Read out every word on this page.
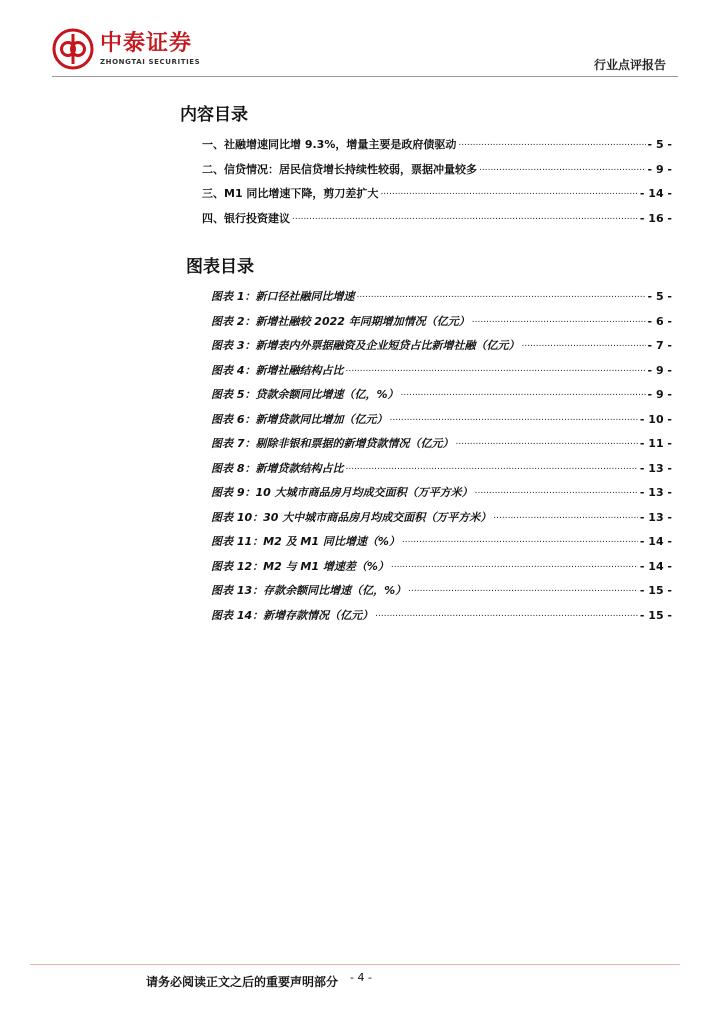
中泰证券
ZHONGTAI SECURITIES	行业点评报告
内容目录
一、社融增速同比增 9.3%，增量主要是政府债驱动 .....	- 5 -
二、信贷情况：居民信贷增长持续性较弱，票据冲量较多 .....	- 9 -
三、M1 同比增速下降，剪刀差扩大 .....	- 14 -
四、银行投资建议 .....	- 16 -
图表目录
图表 1：新口径社融同比增速 .....	- 5 -
图表 2：新增社融较 2022 年同期增加情况（亿元） .....	- 6 -
图表 3：新增表内外票据融资及企业短贷占比新增社融（亿元） .....	- 7 -
图表 4：新增社融结构占比 .....	- 9 -
图表 5：贷款余额同比增速（亿，%） .....	- 9 -
图表 6：新增贷款同比增加（亿元） .....	- 10 -
图表 7：剔除非银和票据的新增贷款情况（亿元） .....	- 11 -
图表 8：新增贷款结构占比 .....	- 13 -
图表 9：10 大城市商品房月均成交面积（万平方米） .....	- 13 -
图表 10：30 大中城市商品房月均成交面积（万平方米） .....	- 13 -
图表 11：M2 及 M1 同比增速（%） .....	- 14 -
图表 12：M2 与 M1 增速差（%） .....	- 14 -
图表 13：存款余额同比增速（亿，%） .....	- 15 -
图表 14：新增存款情况（亿元） .....	- 15 -
请务必阅读正文之后的重要声明部分 - 4 -
